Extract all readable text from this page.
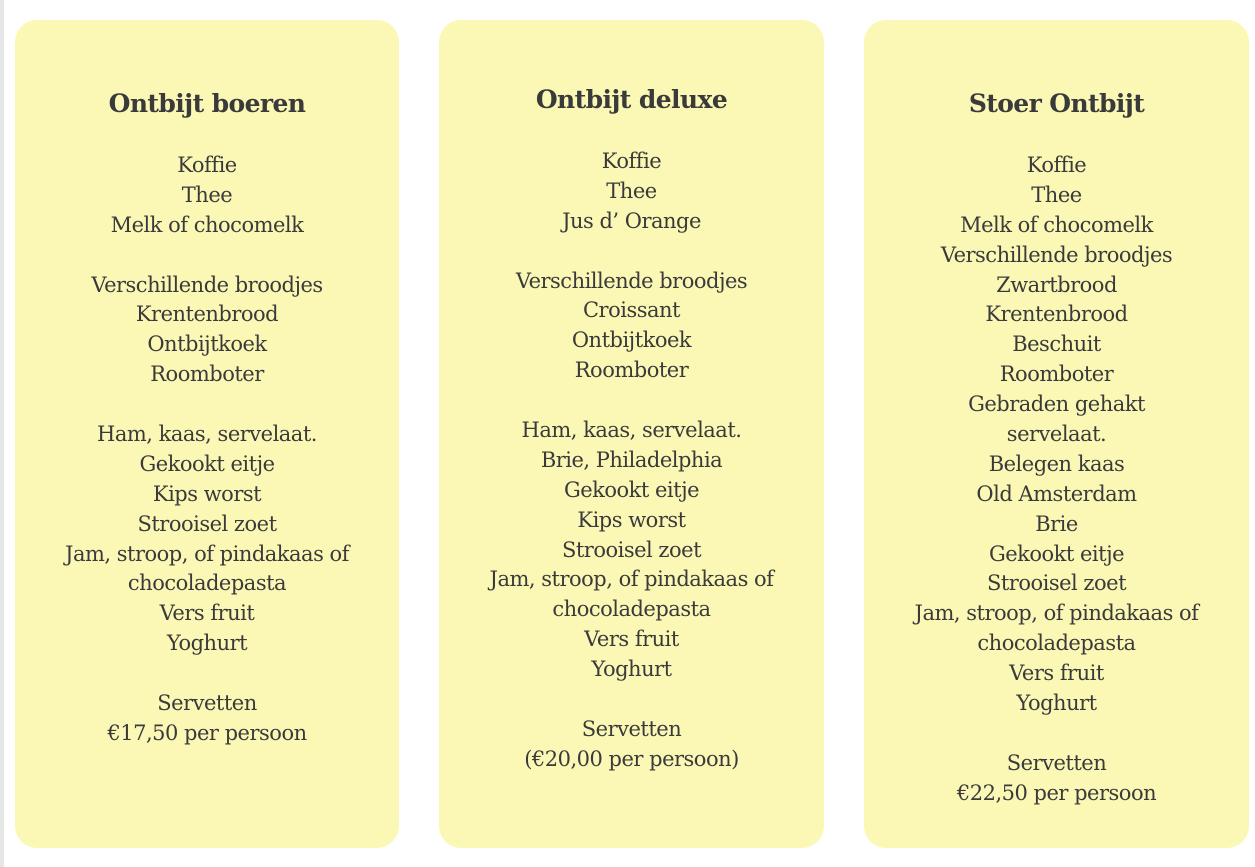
Ontbijt boeren
Koffie
Thee
Melk of chocomelk
Verschillende broodjes
Krentenbrood
Ontbijtkoek
Roomboter
Ham, kaas, servelaat.
Gekookt eitje
Kips worst
Strooisel zoet
Jam, stroop, of pindakaas of
chocoladepasta
Vers fruit
Yoghurt
Servetten
€17,50 per persoon
Ontbijt deluxe
Koffie
Thee
Jus d’ Orange
Verschillende broodjes
Croissant
Ontbijtkoek
Roomboter
Ham, kaas, servelaat.
Brie, Philadelphia
Gekookt eitje
Kips worst
Strooisel zoet
Jam, stroop, of pindakaas of
chocoladepasta
Vers fruit
Yoghurt
Servetten
(€20,00 per persoon)
Stoer Ontbijt
Koffie
Thee
Melk of chocomelk
Verschillende broodjes
Zwartbrood
Krentenbrood
Beschuit
Roomboter
Gebraden gehakt
servelaat.
Belegen kaas
Old Amsterdam
Brie
Gekookt eitje
Strooisel zoet
Jam, stroop, of pindakaas of
chocoladepasta
Vers fruit
Yoghurt
Servetten
€22,50 per persoon
